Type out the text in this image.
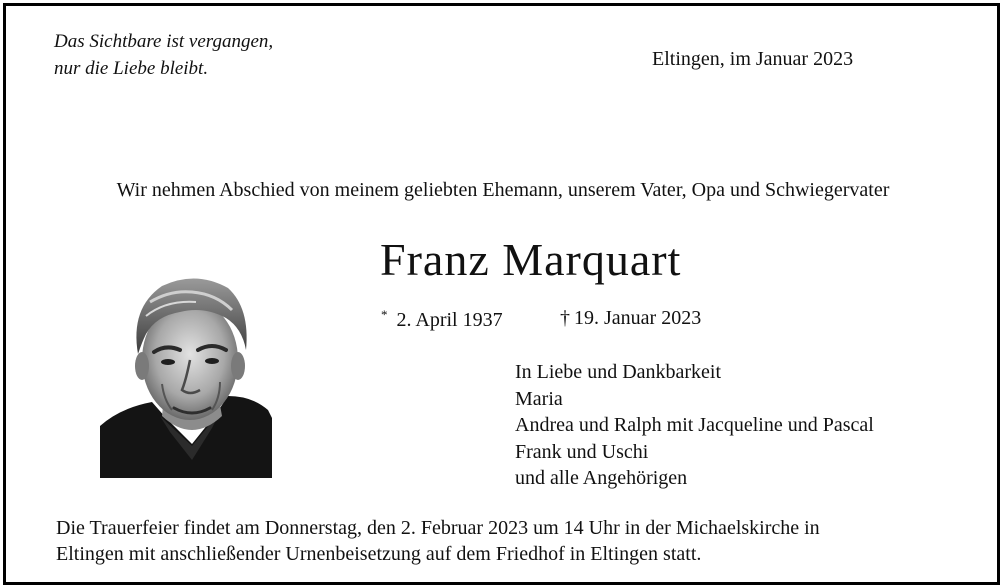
Das Sichtbare ist vergangen,
nur die Liebe bleibt.	Eltingen, im Januar 2023
Wir nehmen Abschied von meinem geliebten Ehemann, unserem Vater, Opa und Schwiegervater
Franz Marquart
* 2. April 1937	† 19. Januar 2023
In Liebe und Dankbarkeit
Maria
Andrea und Ralph mit Jacqueline und Pascal
Frank und Uschi
und alle Angehörigen
Die Trauerfeier findet am Donnerstag, den 2. Februar 2023 um 14 Uhr in der Michaelskirche in
Eltingen mit anschließender Urnenbeisetzung auf dem Friedhof in Eltingen statt.
